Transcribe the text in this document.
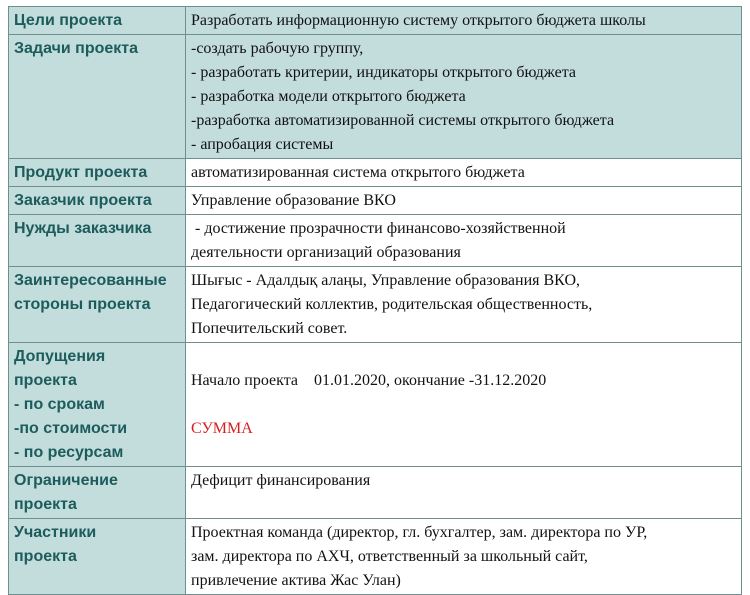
Цели проекта	Разработать информационную систему открытого бюджета школы
Задачи проекта	-создать рабочую группу,
- разработать критерии, индикаторы открытого бюджета
- разработка модели открытого бюджета
-разработка автоматизированной системы открытого бюджета
- апробация системы

Продукт проекта	автоматизированная система открытого бюджета
Заказчик проекта	Управление образование ВКО
Нужды заказчика	- достижение прозрачности финансово-хозяйственной
деятельности организаций образования

Заинтересованные
стороны проекта	Шығыс - Адалдық алаңы, Управление образования ВКО,
Педагогический коллектив, родительская общественность,
Попечительский совет.

Допущения
проекта
- по срокам
-по стоимости
- по ресурсам	Начало проекта    01.01.2020, окончание -31.12.2020
СУММА

Ограничение
проекта	Дефицит финансирования

Участники
проекта	Проектная команда (директор, гл. бухгалтер, зам. директора по УР,
зам. директора по АХЧ, ответственный за школьный сайт,
привлечение актива Жас Улан)
